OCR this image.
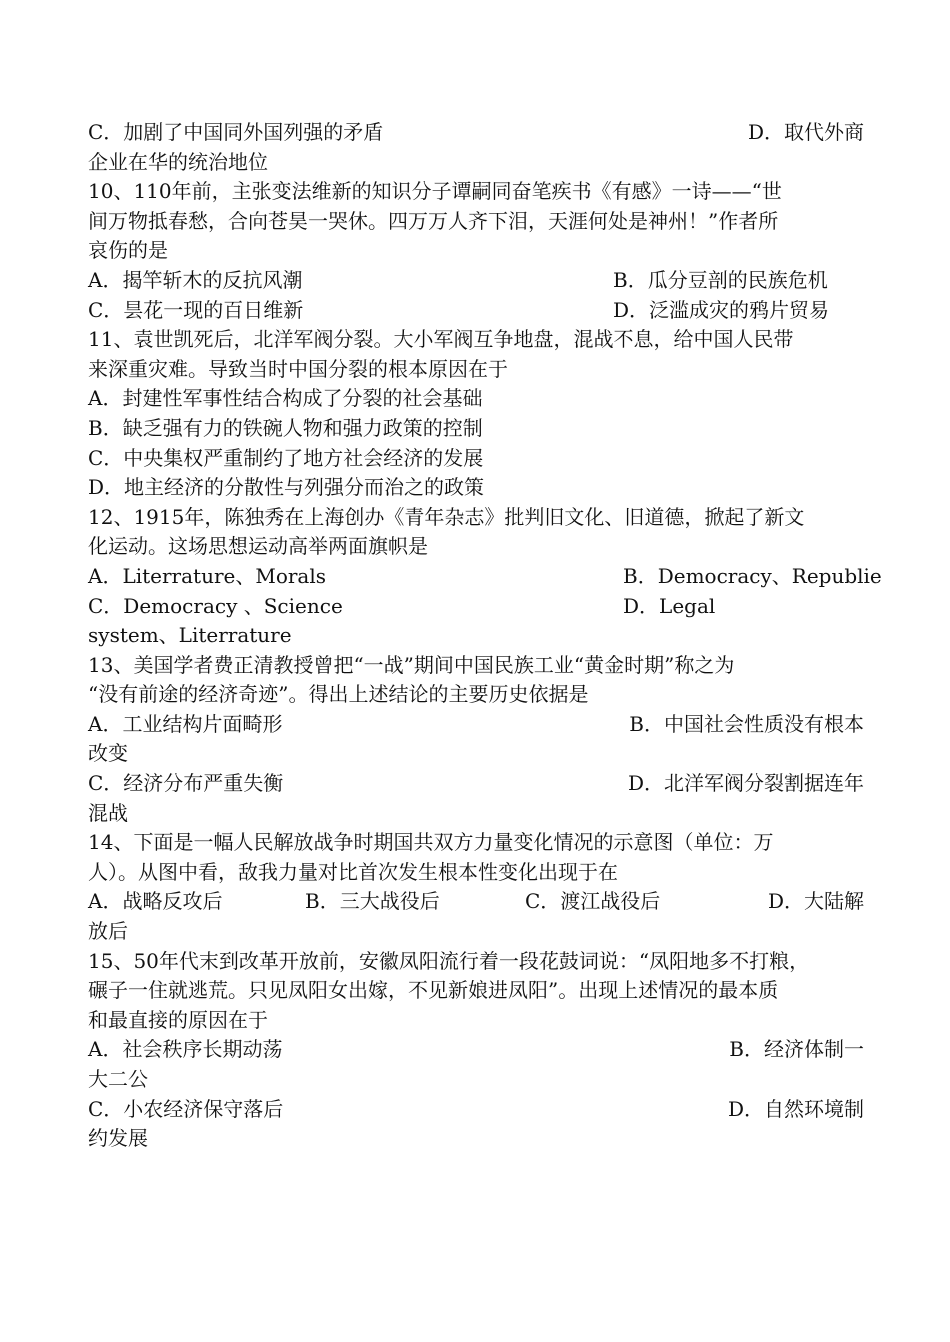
C．加剧了中国同外国列强的矛盾	D．取代外商
企业在华的统治地位
10、110年前，主张变法维新的知识分子谭嗣同奋笔疾书《有感》一诗——“世
间万物抵春愁，合向苍昊一哭休。四万万人齐下泪，天涯何处是神州！”作者所
哀伤的是
A．揭竿斩木的反抗风潮	B．瓜分豆剖的民族危机
C．昙花一现的百日维新	D．泛滥成灾的鸦片贸易
11、袁世凯死后，北洋军阀分裂。大小军阀互争地盘，混战不息，给中国人民带
来深重灾难。导致当时中国分裂的根本原因在于
A．封建性军事性结合构成了分裂的社会基础
B．缺乏强有力的铁碗人物和强力政策的控制
C．中央集权严重制约了地方社会经济的发展
D．地主经济的分散性与列强分而治之的政策
12、1915年，陈独秀在上海创办《青年杂志》批判旧文化、旧道德，掀起了新文
化运动。这场思想运动高举两面旗帜是
A．Literrature、Morals	B．Democracy、Republie
C．Democracy 、Science	D．Legal
system、Literrature
13、美国学者费正清教授曾把“一战”期间中国民族工业“黄金时期”称之为
“没有前途的经济奇迹”。得出上述结论的主要历史依据是
A．工业结构片面畸形	B．中国社会性质没有根本
改变
C．经济分布严重失衡	D．北洋军阀分裂割据连年
混战
14、下面是一幅人民解放战争时期国共双方力量变化情况的示意图（单位：万
人）。从图中看，敌我力量对比首次发生根本性变化出现于在
A．战略反攻后	B．三大战役后	C．渡江战役后	D．大陆解
放后
15、50年代末到改革开放前，安徽凤阳流行着一段花鼓词说：“凤阳地多不打粮，
碾子一住就逃荒。只见凤阳女出嫁，不见新娘进凤阳”。出现上述情况的最本质
和最直接的原因在于
A．社会秩序长期动荡	B．经济体制一
大二公
C．小农经济保守落后	D．自然环境制
约发展
